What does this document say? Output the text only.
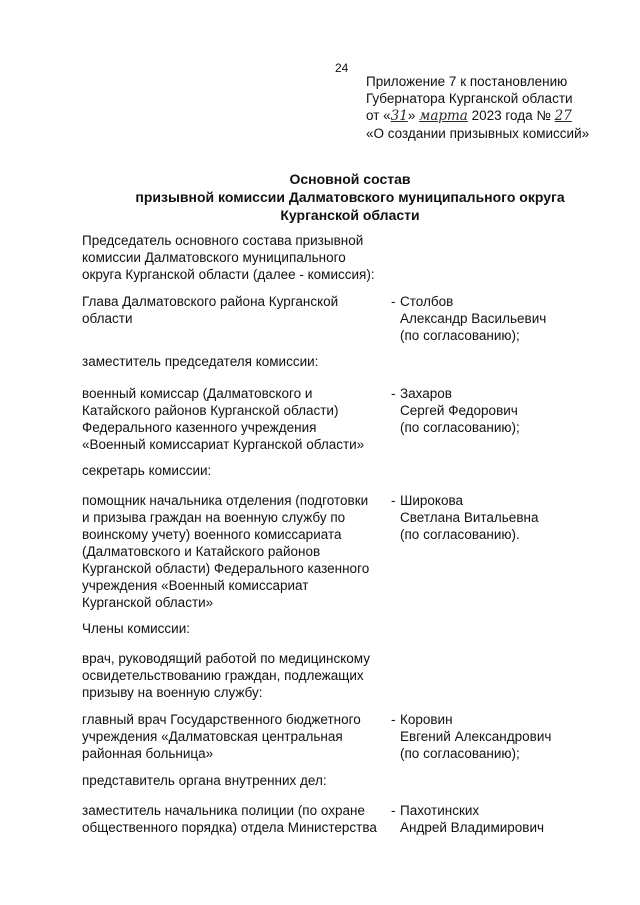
24
Приложение 7 к постановлению
Губернатора Курганской области
от «31» марта 2023 года № 27
«О создании призывных комиссий»
Основной состав
призывной комиссии Далматовского муниципального округа
Курганской области
Председатель основного состава призывной
комиссии Далматовского муниципального
округа Курганской области (далее - комиссия):
Глава Далматовского района Курганской
области
- Столбов
Александр Васильевич
(по согласованию);
заместитель председателя комиссии:
военный комиссар (Далматовского и
Катайского районов Курганской области)
Федерального казенного учреждения
«Военный комиссариат Курганской области»
- Захаров
Сергей Федорович
(по согласованию);
секретарь комиссии:
помощник начальника отделения (подготовки
и призыва граждан на военную службу по
воинскому учету) военного комиссариата
(Далматовского и Катайского районов
Курганской области) Федерального казенного
учреждения «Военный комиссариат
Курганской области»
- Широкова
Светлана Витальевна
(по согласованию).
Члены комиссии:
врач, руководящий работой по медицинскому
освидетельствованию граждан, подлежащих
призыву на военную службу:
главный врач Государственного бюджетного
учреждения «Далматовская центральная
районная больница»
- Коровин
Евгений Александрович
(по согласованию);
представитель органа внутренних дел:
заместитель начальника полиции (по охране
общественного порядка) отдела Министерства
- Пахотинских
Андрей Владимирович
